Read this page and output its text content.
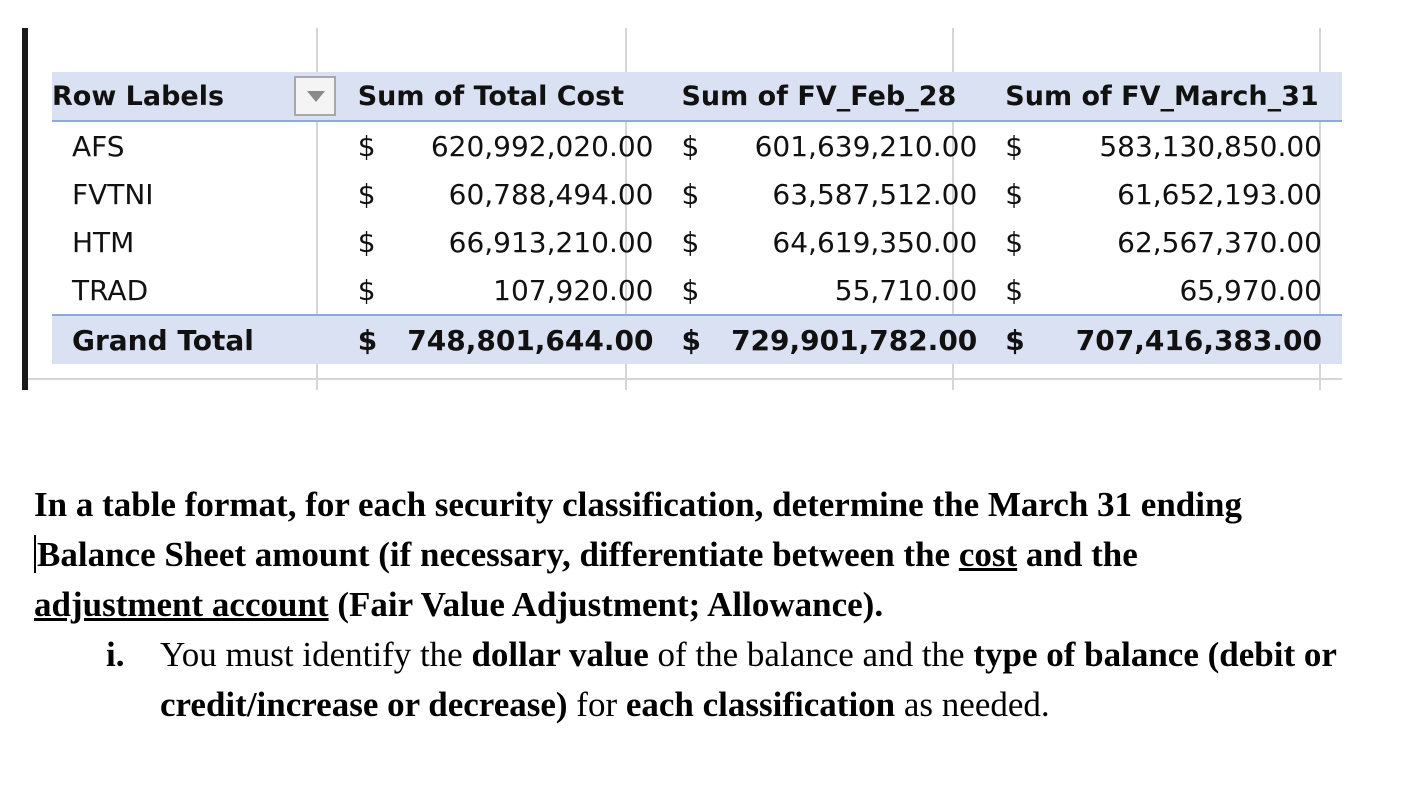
Row Labels	Sum of Total Cost	Sum of FV_Feb_28	Sum of FV_March_31

AFS	$ 620,992,020.00	$ 601,639,210.00	$ 583,130,850.00

FVTNI	$ 60,788,494.00	$ 63,587,512.00	$ 61,652,193.00

HTM	$ 66,913,210.00	$ 64,619,350.00	$ 62,567,370.00

TRAD	$ 107,920.00	$ 55,710.00	$ 65,970.00

Grand Total	$ 748,801,644.00	$ 729,901,782.00	$ 707,416,383.00
In a table format, for each security classification, determine the March 31 ending
Balance Sheet amount (if necessary, differentiate between the cost and the
adjustment account (Fair Value Adjustment; Allowance).
i. You must identify the dollar value of the balance and the type of balance (debit or credit/increase or decrease) for each classification as needed.
